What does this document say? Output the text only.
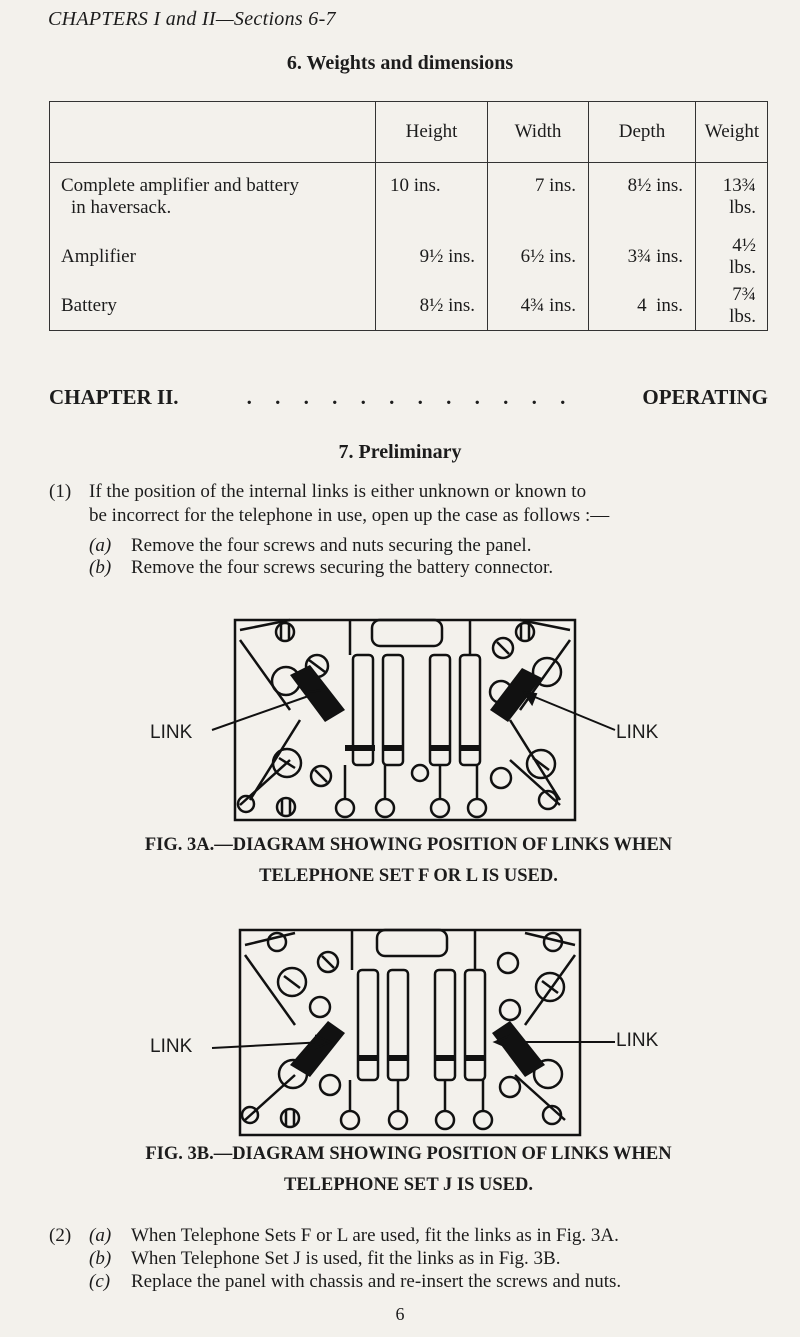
CHAPTERS I and II—Sections 6-7
6. Weights and dimensions
	Height	Width	Depth	Weight
Complete amplifier and battery
in haversack.	10 ins.	7 ins.	8½ ins.	13¾ lbs.
Amplifier	9½ ins.	6½ ins.	3¾ ins.	4½ lbs.
Battery	8½ ins.	4¾ ins.	4  ins.	7¾ lbs.
CHAPTER II.	. . . . . . . . . . . .	OPERATING
7. Preliminary
(1) If the position of the internal links is either unknown or known to
be incorrect for the telephone in use, open up the case as follows :—
(a) Remove the four screws and nuts securing the panel.
(b) Remove the four screws securing the battery connector.
LINK	LINK
FIG. 3A.—DIAGRAM SHOWING POSITION OF LINKS WHEN
TELEPHONE SET F OR L IS USED.
LINK	LINK
FIG. 3B.—DIAGRAM SHOWING POSITION OF LINKS WHEN
TELEPHONE SET J IS USED.
(2) (a) When Telephone Sets F or L are used, fit the links as in Fig. 3A.
(b) When Telephone Set J is used, fit the links as in Fig. 3B.
(c) Replace the panel with chassis and re-insert the screws and nuts.
6
